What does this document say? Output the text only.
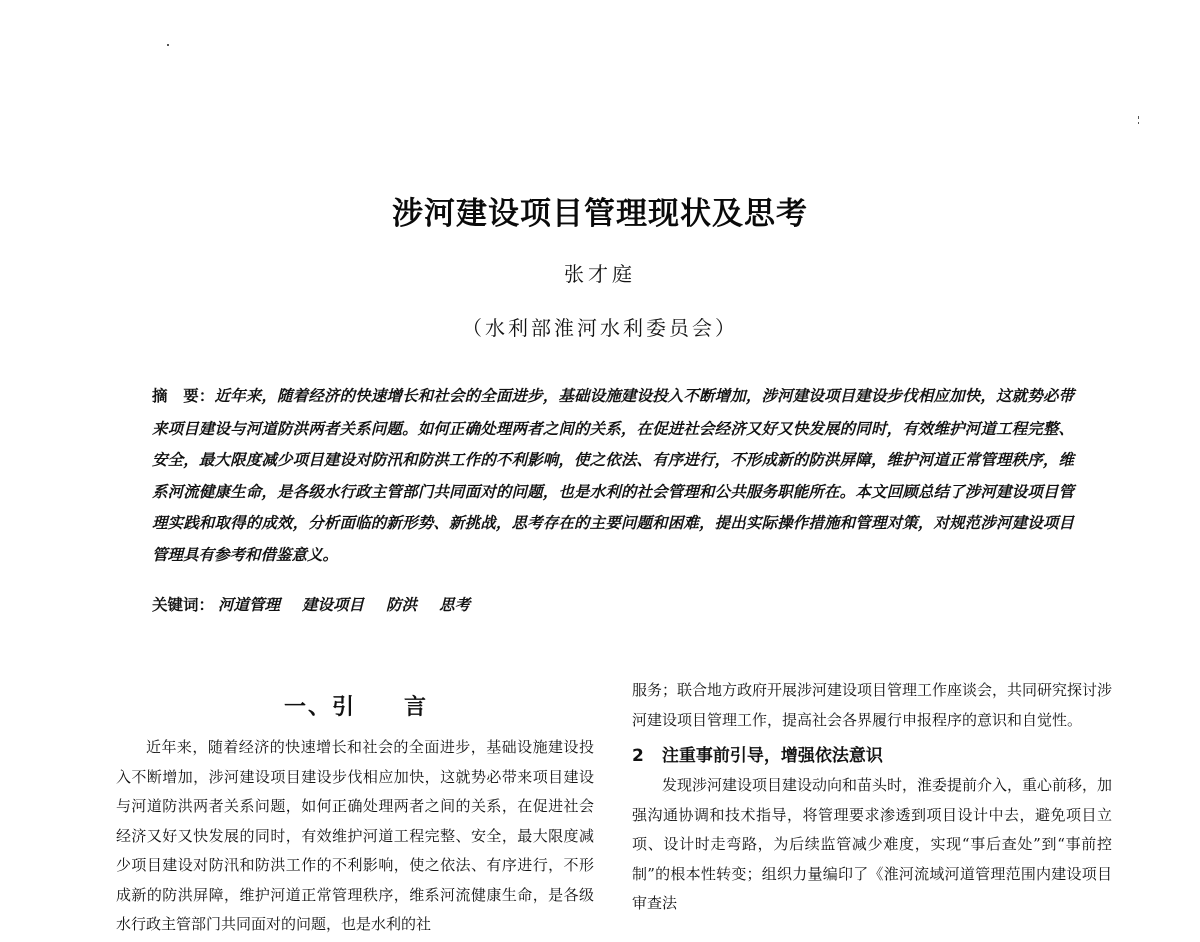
涉河建设项目管理现状及思考
张才庭
（水利部淮河水利委员会）
摘　要：近年来，随着经济的快速增长和社会的全面进步，基础设施建设投入不断增加，涉河建设项目建设步伐相应加快，这就势必带来项目建设与河道防洪两者关系问题。如何正确处理两者之间的关系，在促进社会经济又好又快发展的同时，有效维护河道工程完整、安全，最大限度减少项目建设对防汛和防洪工作的不利影响，使之依法、有序进行，不形成新的防洪屏障，维护河道正常管理秩序，维系河流健康生命，是各级水行政主管部门共同面对的问题，也是水利的社会管理和公共服务职能所在。本文回顾总结了涉河建设项目管理实践和取得的成效，分析面临的新形势、新挑战，思考存在的主要问题和困难，提出实际操作措施和管理对策，对规范涉河建设项目管理具有参考和借鉴意义。
关键词： 河道管理 建设项目 防洪 思考
一、引 言
近年来，随着经济的快速增长和社会的全面进步，基础设施建设投入不断增加，涉河建设项目建设步伐相应加快，这就势必带来项目建设与河道防洪两者关系问题，如何正确处理两者之间的关系，在促进社会经济又好又快发展的同时，有效维护河道工程完整、安全，最大限度减少项目建设对防汛和防洪工作的不利影响，使之依法、有序进行，不形成新的防洪屏障，维护河道正常管理秩序，维系河流健康生命，是各级水行政主管部门共同面对的问题，也是水利的社

服务；联合地方政府开展涉河建设项目管理工作座谈会，共同研究探讨涉河建设项目管理工作，提高社会各界履行申报程序的意识和自觉性。

2 注重事前引导，增强依法意识

发现涉河建设项目建设动向和苗头时，淮委提前介入，重心前移，加强沟通协调和技术指导，将管理要求渗透到项目设计中去，避免项目立项、设计时走弯路，为后续监管减少难度，实现“事后查处”到“事前控制”的根本性转变；组织力量编印了《淮河流域河道管理范围内建设项目审查法
